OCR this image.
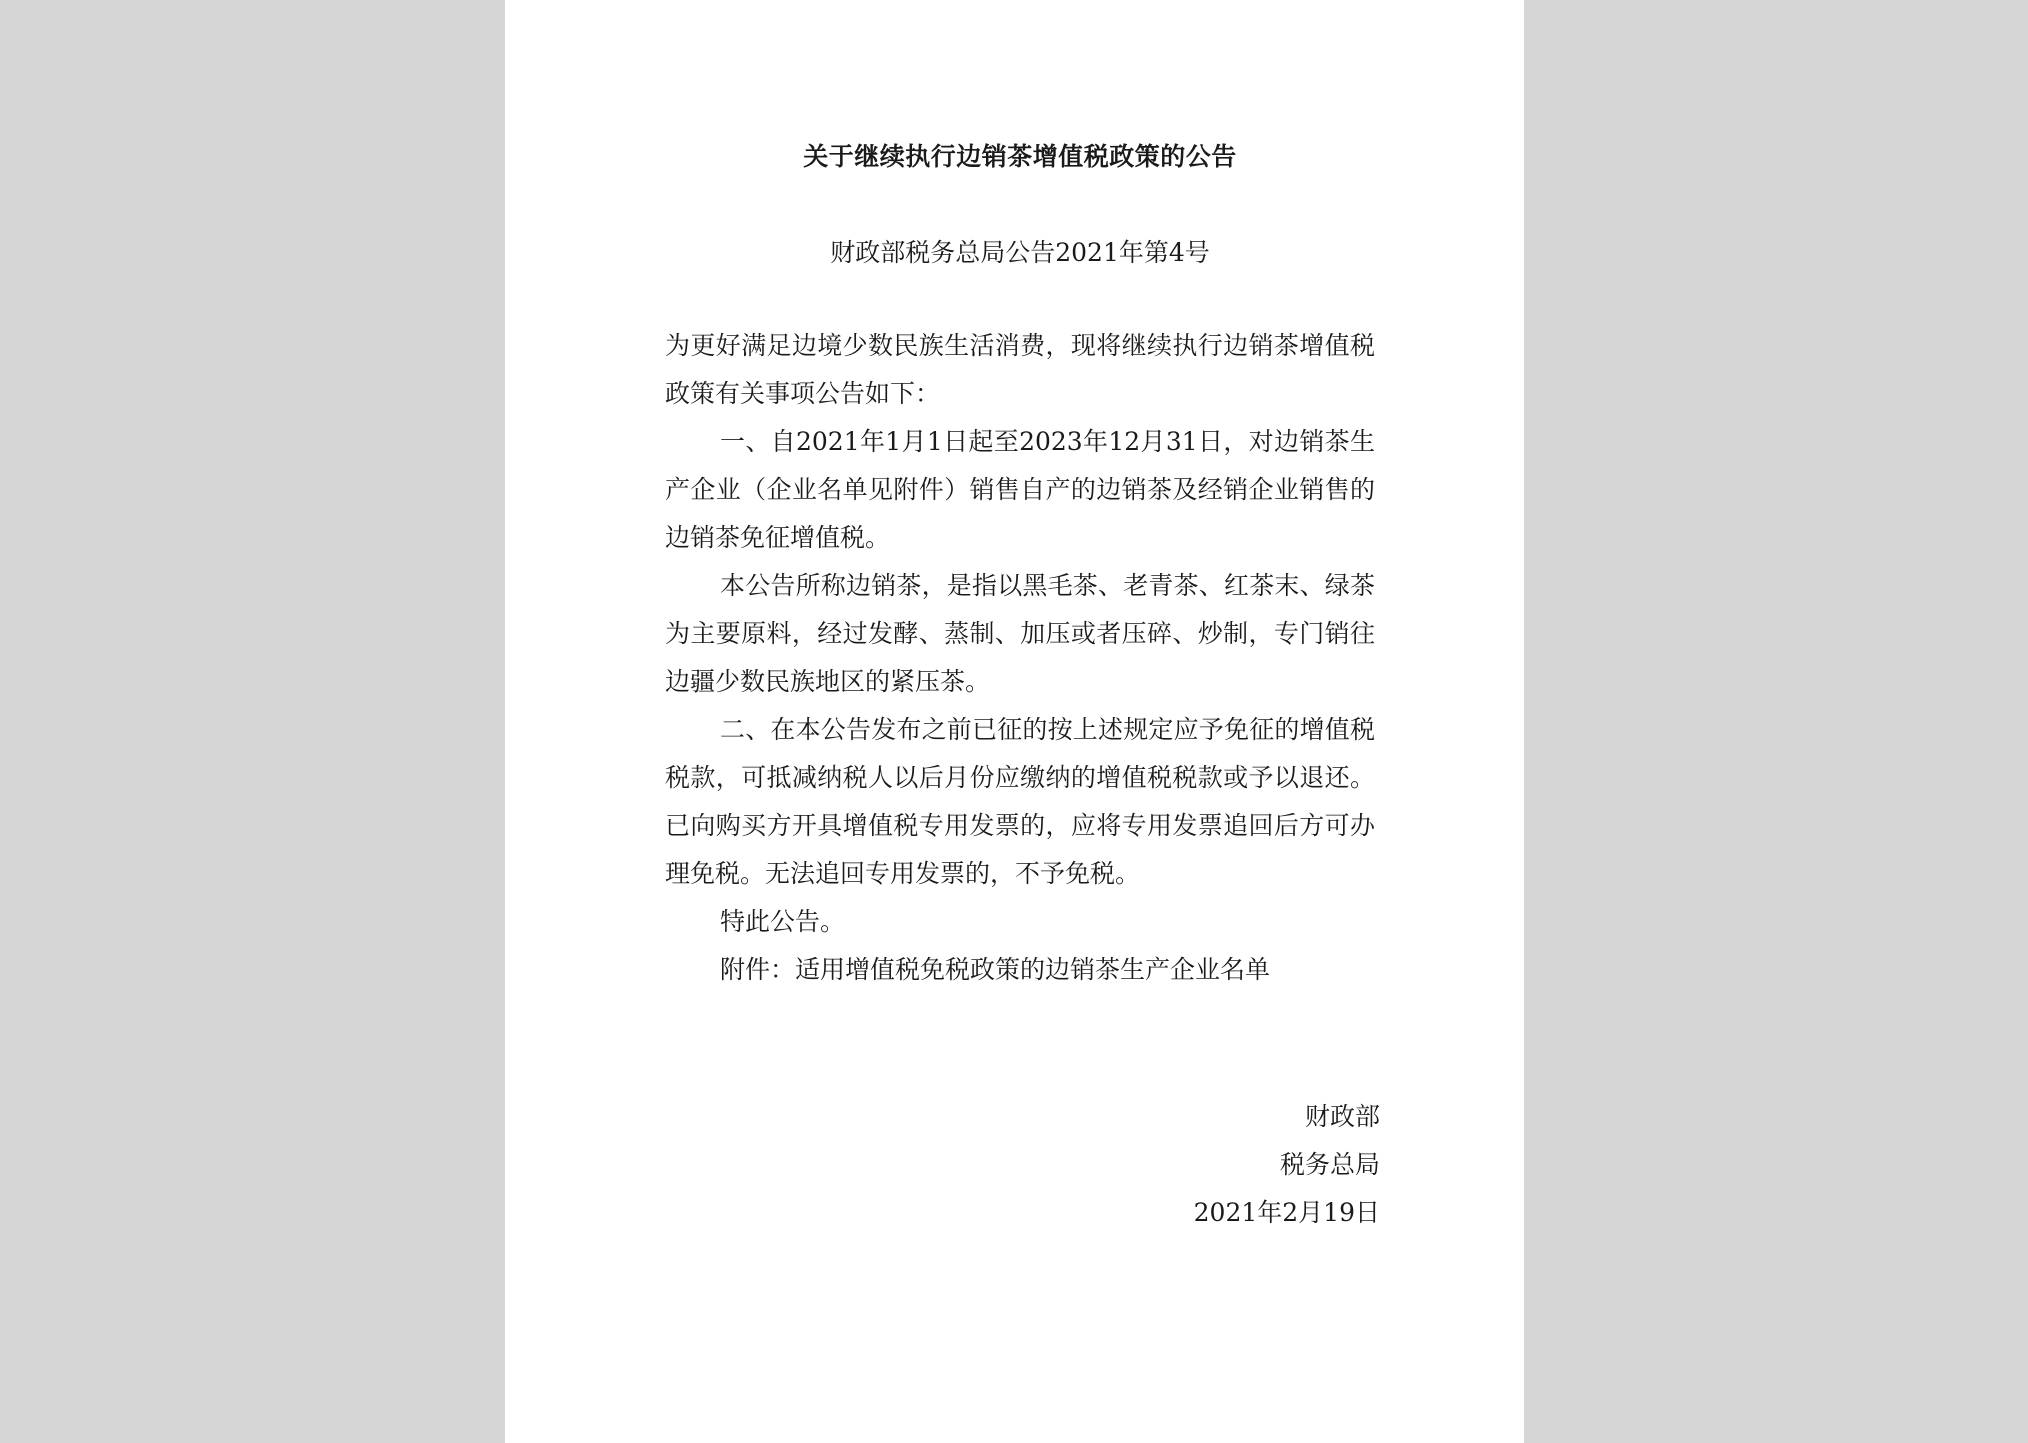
关于继续执行边销茶增值税政策的公告
财政部税务总局公告2021年第4号

为更好满足边境少数民族生活消费，现将继续执行边销茶增值税政策有关事项公告如下：

一、自2021年1月1日起至2023年12月31日，对边销茶生产企业（企业名单见附件）销售自产的边销茶及经销企业销售的边销茶免征增值税。

本公告所称边销茶，是指以黑毛茶、老青茶、红茶末、绿茶为主要原料，经过发酵、蒸制、加压或者压碎、炒制，专门销往边疆少数民族地区的紧压茶。

二、在本公告发布之前已征的按上述规定应予免征的增值税税款，可抵减纳税人以后月份应缴纳的增值税税款或予以退还。已向购买方开具增值税专用发票的，应将专用发票追回后方可办理免税。无法追回专用发票的，不予免税。

特此公告。

附件：适用增值税免税政策的边销茶生产企业名单

财政部
税务总局
2021年2月19日
